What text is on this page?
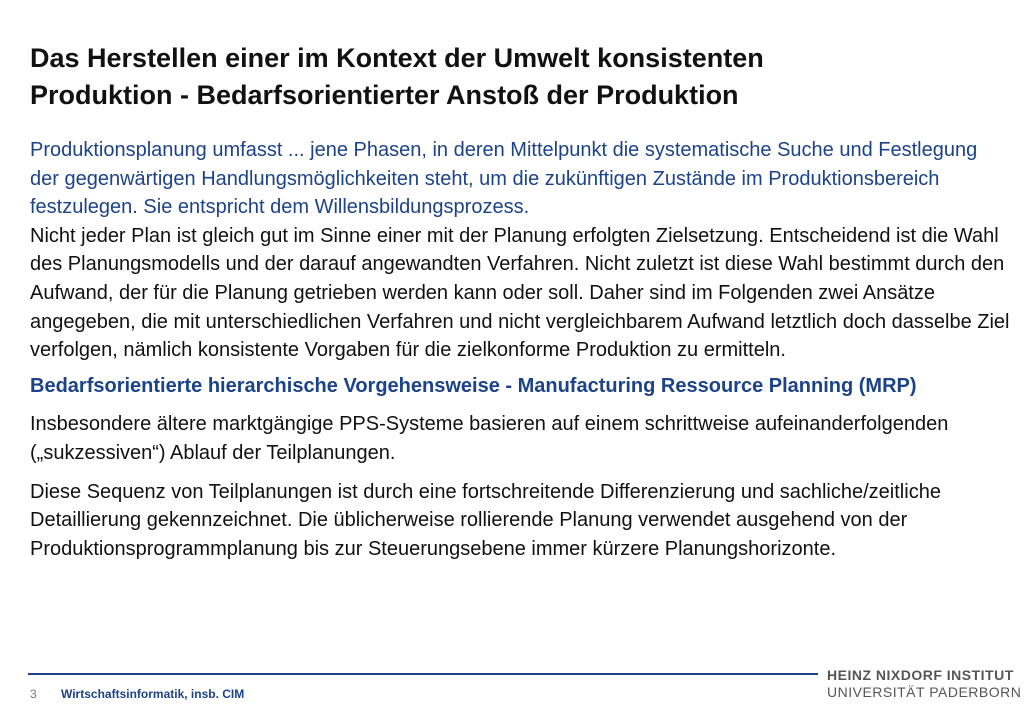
Das Herstellen einer im Kontext der Umwelt konsistenten
Produktion - Bedarfsorientierter Anstoß der Produktion

Produktionsplanung umfasst ... jene Phasen, in deren Mittelpunkt die systematische Suche und Festlegung der gegenwärtigen Handlungsmöglichkeiten steht, um die zukünftigen Zustände im Produktionsbereich festzulegen. Sie entspricht dem Willensbildungsprozess.

Nicht jeder Plan ist gleich gut im Sinne einer mit der Planung erfolgten Zielsetzung. Entscheidend ist die Wahl des Planungsmodells und der darauf angewandten Verfahren. Nicht zuletzt ist diese Wahl bestimmt durch den Aufwand, der für die Planung getrieben werden kann oder soll. Daher sind im Folgenden zwei Ansätze angegeben, die mit unterschiedlichen Verfahren und nicht vergleichbarem Aufwand letztlich doch dasselbe Ziel verfolgen, nämlich konsistente Vorgaben für die zielkonforme Produktion zu ermitteln.

Bedarfsorientierte hierarchische Vorgehensweise - Manufacturing Ressource Planning (MRP)

Insbesondere ältere marktgängige PPS-Systeme basieren auf einem schrittweise aufeinanderfolgenden („sukzessiven“) Ablauf der Teilplanungen.

Diese Sequenz von Teilplanungen ist durch eine fortschreitende Differenzierung und sachliche/zeitliche Detaillierung gekennzeichnet. Die üblicherweise rollierende Planung verwendet ausgehend von der Produktionsprogrammplanung bis zur Steuerungsebene immer kürzere Planungshorizonte.

3 Wirtschaftsinformatik, insb. CIM
HEINZ NIXDORF INSTITUT
UNIVERSITÄT PADERBORN
